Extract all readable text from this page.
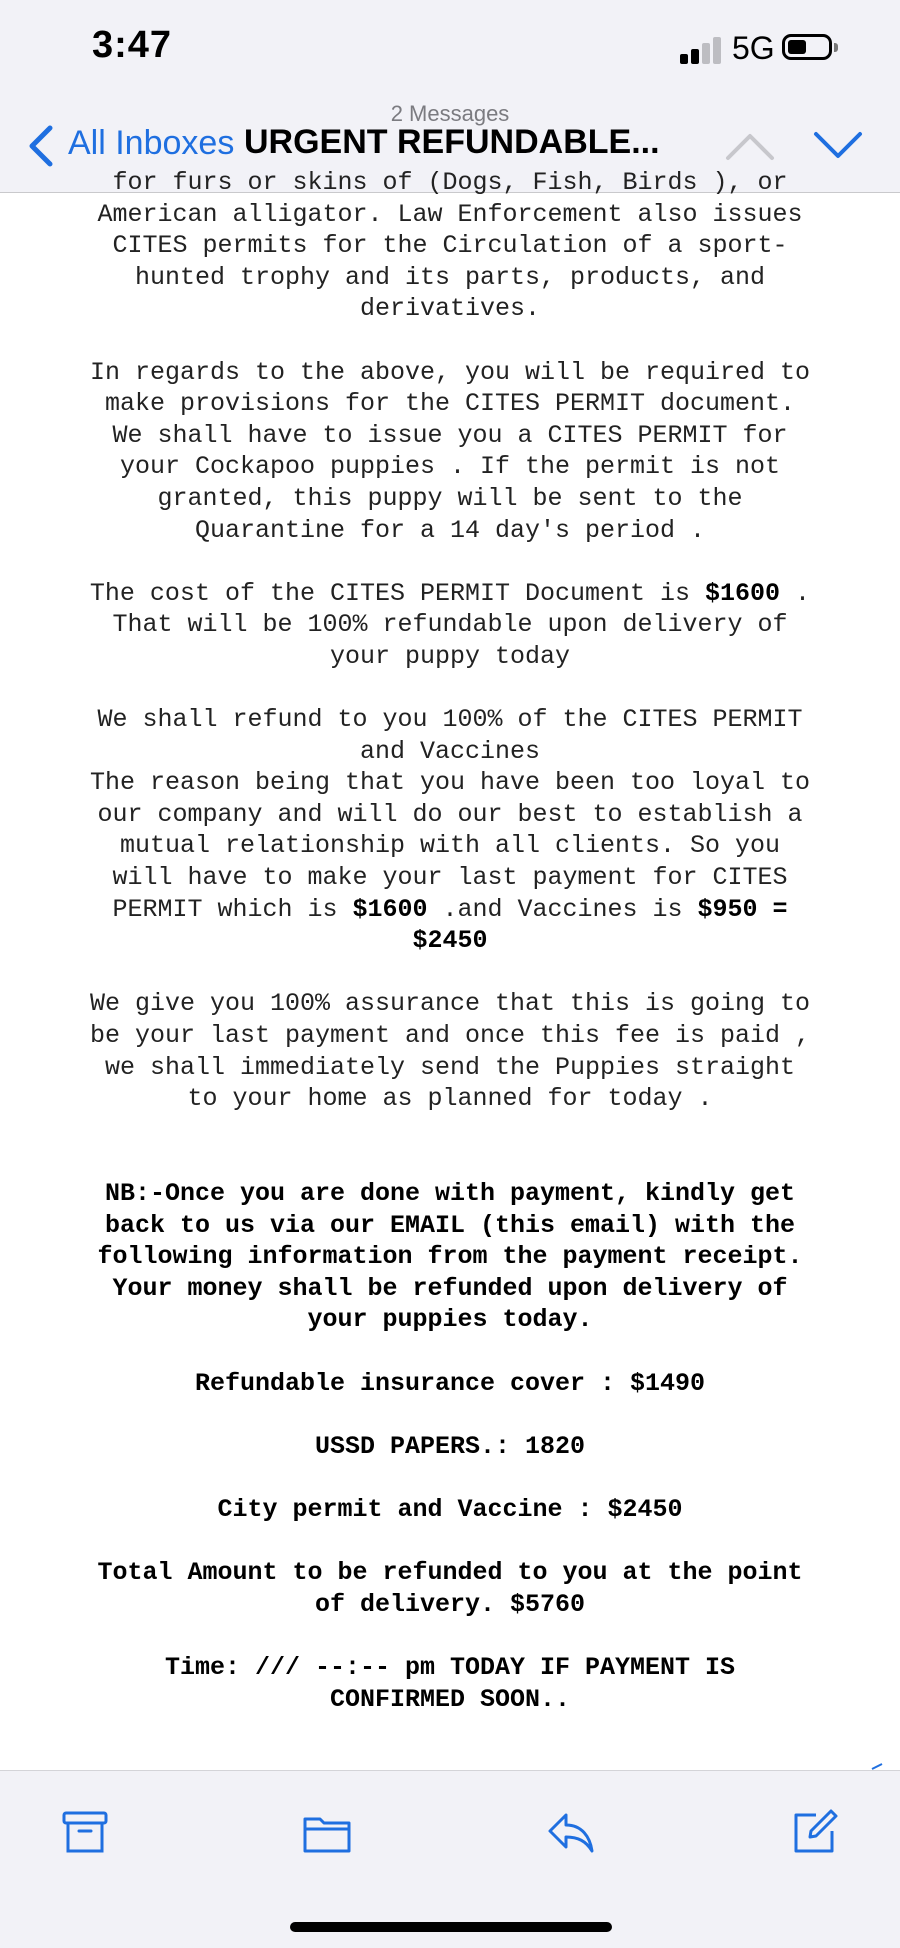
3:47	5G
2 Messages
All Inboxes URGENT REFUNDABLE...

for furs or skins of (Dogs, Fish, Birds ), or

American alligator. Law Enforcement also issues
CITES permits for the Circulation of a sport-
hunted trophy and its parts, products, and
derivatives.

In regards to the above, you will be required to
make provisions for the CITES PERMIT document.
We shall have to issue you a CITES PERMIT for
your Cockapoo puppies . If the permit is not
granted, this puppy will be sent to the
Quarantine for a 14 day's period .

The cost of the CITES PERMIT Document is $1600 .
That will be 100% refundable upon delivery of
your puppy today

We shall refund to you 100% of the CITES PERMIT
and Vaccines

The reason being that you have been too loyal to
our company and will do our best to establish a
mutual relationship with all clients. So you
will have to make your last payment for CITES
PERMIT which is $1600 .and Vaccines is $950 =
$2450

We give you 100% assurance that this is going to
be your last payment and once this fee is paid ,
we shall immediately send the Puppies straight
to your home as planned for today .

NB:-Once you are done with payment, kindly get
back to us via our EMAIL (this email) with the
following information from the payment receipt.
Your money shall be refunded upon delivery of
your puppies today.

Refundable insurance cover : $1490

USSD PAPERS.: 1820

City permit and Vaccine : $2450

Total Amount to be refunded to you at the point
of delivery. $5760

Time: /// --:-- pm TODAY IF PAYMENT IS
CONFIRMED SOON..
